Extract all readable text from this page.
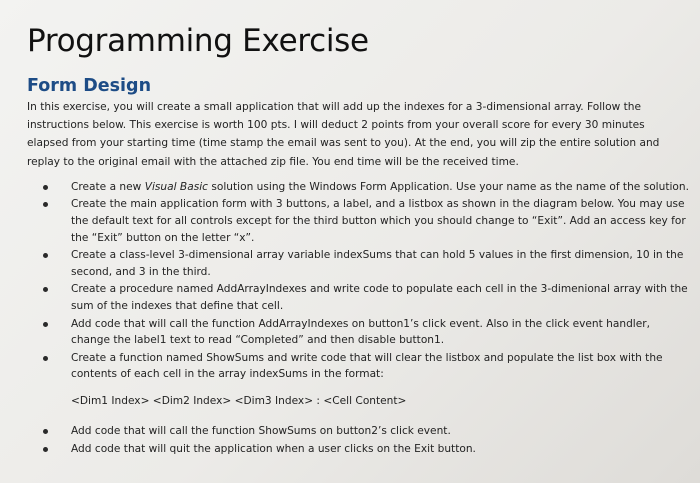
Programming Exercise
Form Design

In this exercise, you will create a small application that will add up the indexes for a 3-dimensional array. Follow the instructions below. This exercise is worth 100 pts. I will deduct 2 points from your overall score for every 30 minutes elapsed from your starting time (time stamp the email was sent to you). At the end, you will zip the entire solution and replay to the original email with the attached zip file. You end time will be the received time.

Create a new Visual Basic solution using the Windows Form Application. Use your name as the name of the solution.
Create the main application form with 3 buttons, a label, and a listbox as shown in the diagram below. You may use the default text for all controls except for the third button which you should change to “Exit”. Add an access key for the “Exit” button on the letter “x”.
Create a class-level 3-dimensional array variable indexSums that can hold 5 values in the first dimension, 10 in the second, and 3 in the third.
Create a procedure named AddArrayIndexes and write code to populate each cell in the 3-dimenional array with the sum of the indexes that define that cell.
Add code that will call the function AddArrayIndexes on button1’s click event. Also in the click event handler, change the label1 text to read “Completed” and then disable button1.
Create a function named ShowSums and write code that will clear the listbox and populate the list box with the contents of each cell in the array indexSums in the format:
<Dim1 Index> <Dim2 Index> <Dim3 Index> : <Cell Content>
Add code that will call the function ShowSums on button2’s click event.
Add code that will quit the application when a user clicks on the Exit button.
